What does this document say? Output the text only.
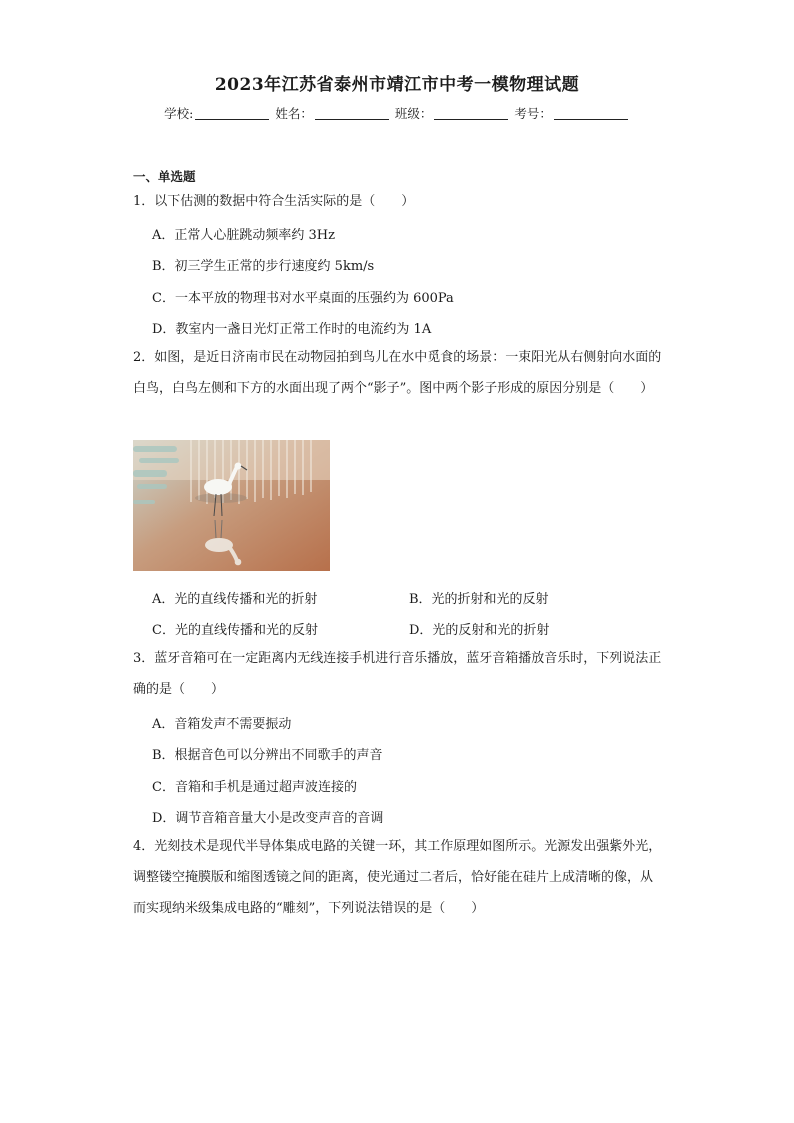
2023年江苏省泰州市靖江市中考一模物理试题
学校:	姓名：	班级：	考号：
一、单选题
1．以下估测的数据中符合生活实际的是（　　）
A．正常人心脏跳动频率约 3Hz
B．初三学生正常的步行速度约 5km/s
C．一本平放的物理书对水平桌面的压强约为 600Pa
D．教室内一盏日光灯正常工作时的电流约为 1A
2．如图，是近日济南市民在动物园拍到鸟儿在水中觅食的场景：一束阳光从右侧射向水面的白鸟，白鸟左侧和下方的水面出现了两个“影子”。图中两个影子形成的原因分别是（　　）
A．光的直线传播和光的折射	B．光的折射和光的反射
C．光的直线传播和光的反射	D．光的反射和光的折射
3．蓝牙音箱可在一定距离内无线连接手机进行音乐播放，蓝牙音箱播放音乐时，下列说法正确的是（　　）
A．音箱发声不需要振动
B．根据音色可以分辨出不同歌手的声音
C．音箱和手机是通过超声波连接的
D．调节音箱音量大小是改变声音的音调
4．光刻技术是现代半导体集成电路的关键一环，其工作原理如图所示。光源发出强紫外光，调整镂空掩膜版和缩图透镜之间的距离，使光通过二者后，恰好能在硅片上成清晰的像，从而实现纳米级集成电路的“雕刻”，下列说法错误的是（　　）
